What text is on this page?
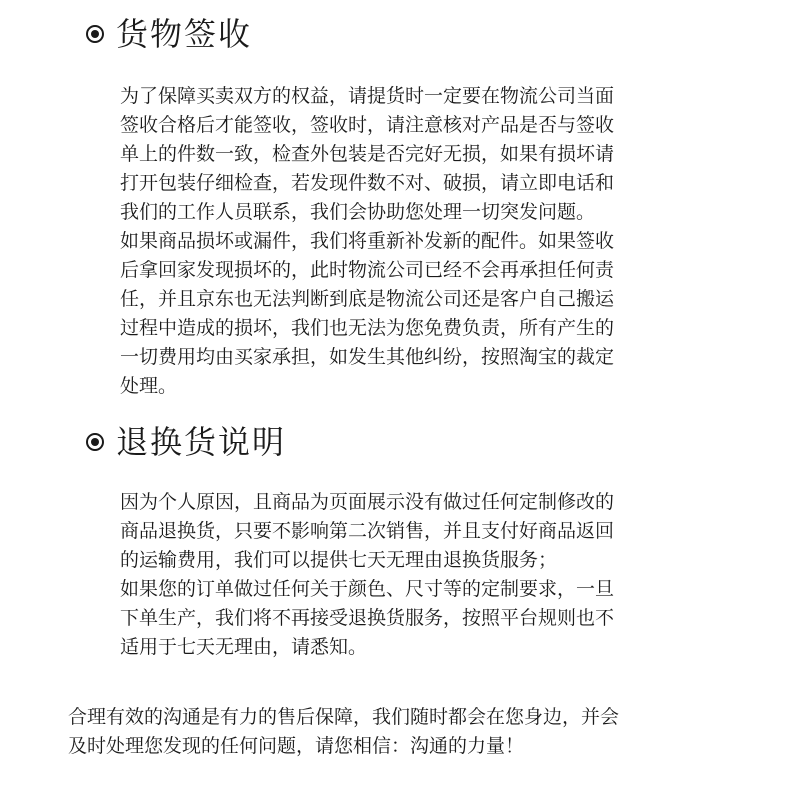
货物签收
为了保障买卖双方的权益，请提货时一定要在物流公司当面
签收合格后才能签收，签收时，请注意核对产品是否与签收
单上的件数一致，检查外包装是否完好无损，如果有损坏请
打开包装仔细检查，若发现件数不对、破损，请立即电话和
我们的工作人员联系，我们会协助您处理一切突发问题。
如果商品损坏或漏件，我们将重新补发新的配件。如果签收
后拿回家发现损坏的，此时物流公司已经不会再承担任何责
任，并且京东也无法判断到底是物流公司还是客户自己搬运
过程中造成的损坏，我们也无法为您免费负责，所有产生的
一切费用均由买家承担，如发生其他纠纷，按照淘宝的裁定
处理。
退换货说明
因为个人原因，且商品为页面展示没有做过任何定制修改的
商品退换货，只要不影响第二次销售，并且支付好商品返回
的运输费用，我们可以提供七天无理由退换货服务；
如果您的订单做过任何关于颜色、尺寸等的定制要求，一旦
下单生产，我们将不再接受退换货服务，按照平台规则也不
适用于七天无理由，请悉知。
合理有效的沟通是有力的售后保障，我们随时都会在您身边，并会
及时处理您发现的任何问题，请您相信：沟通的力量！
